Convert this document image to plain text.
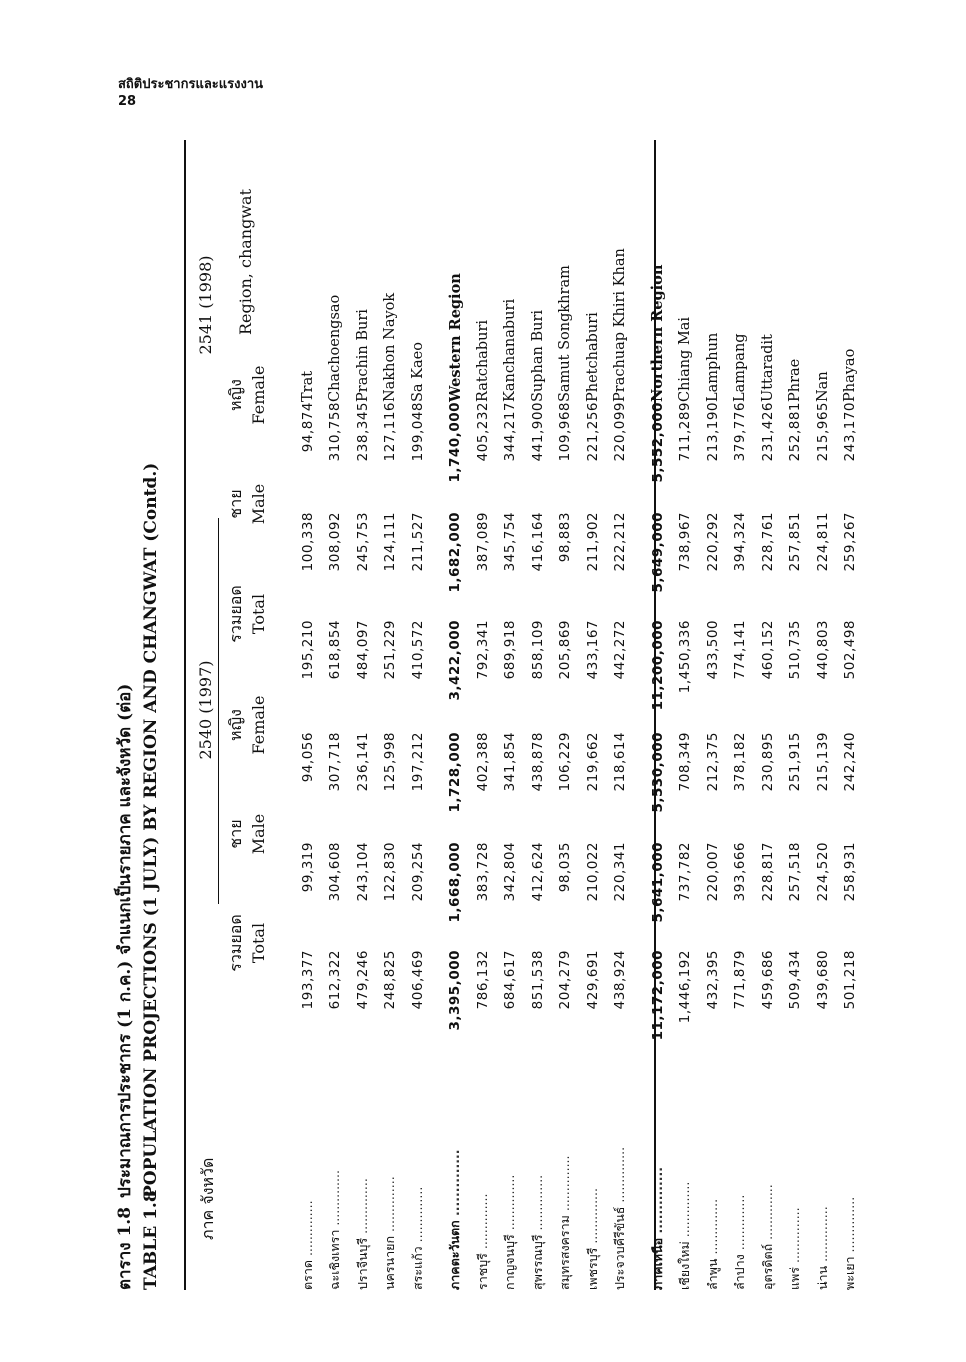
สถิติประชากรและแรงงาน
28
ตาราง 1.8
ประมาณการประชากร (1 ก.ค.) จำแนกเป็นรายภาค และจังหวัด (ต่อ)
TABLE 1.8
POPULATION PROJECTIONS (1 JULY) BY REGION AND CHANGWAT (Contd.)
ภาค จังหวัด
2540 (1997)
2541 (1998)
รวมยอด Total
ชาย Male
หญิง Female
รวมยอด Total
ชาย Male
หญิง Female
Region, changwat
ตราด ..............	193,377	99,319	94,056	195,210	100,338	94,874	Trat
ฉะเชิงเทรา ..............	612,322	304,608	307,718	618,854	308,092	310,758	Chachoengsao
ปราจีนบุรี ..............	479,246	243,104	236,141	484,097	245,753	238,345	Prachin Buri
นครนายก ..............	248,825	122,830	125,998	251,229	124,111	127,116	Nakhon Nayok
สระแก้ว ..............	406,469	209,254	197,212	410,572	211,527	199,048	Sa Kaeo

ภาคตะวันตก ..............	3,395,000	1,668,000	1,728,000	3,422,000	1,682,000	1,740,000	Western Region
ราชบุรี ..............	786,132	383,728	402,388	792,341	387,089	405,232	Ratchaburi
กาญจนบุรี ..............	684,617	342,804	341,854	689,918	345,754	344,217	Kanchanaburi
สุพรรณบุรี ..............	851,538	412,624	438,878	858,109	416,164	441,900	Suphan Buri
สมุทรสงคราม ..............	204,279	98,035	106,229	205,869	98,883	109,968	Samut Songkhram
เพชรบุรี ..............	429,691	210,022	219,662	433,167	211,902	221,256	Phetchaburi
ประจวบคีรีขันธ์ ..............	438,924	220,341	218,614	442,272	222,212	220,099	Prachuap Khiri Khan

ภาคเหนือ ..............	11,172,000	5,641,000	5,530,000	11,200,000	5,649,000	5,552,000	Northern Region
เชียงใหม่ ..............	1,446,192	737,782	708,349	1,450,336	738,967	711,289	Chiang Mai
ลำพูน ..............	432,395	220,007	212,375	433,500	220,292	213,190	Lamphun
ลำปาง ..............	771,879	393,666	378,182	774,141	394,324	379,776	Lampang
อุตรดิตถ์ ..............	459,686	228,817	230,895	460,152	228,761	231,426	Uttaradit
แพร่ ..............	509,434	257,518	251,915	510,735	257,851	252,881	Phrae
น่าน ..............	439,680	224,520	215,139	440,803	224,811	215,965	Nan
พะเยา ..............	501,218	258,931	242,240	502,498	259,267	243,170	Phayao
